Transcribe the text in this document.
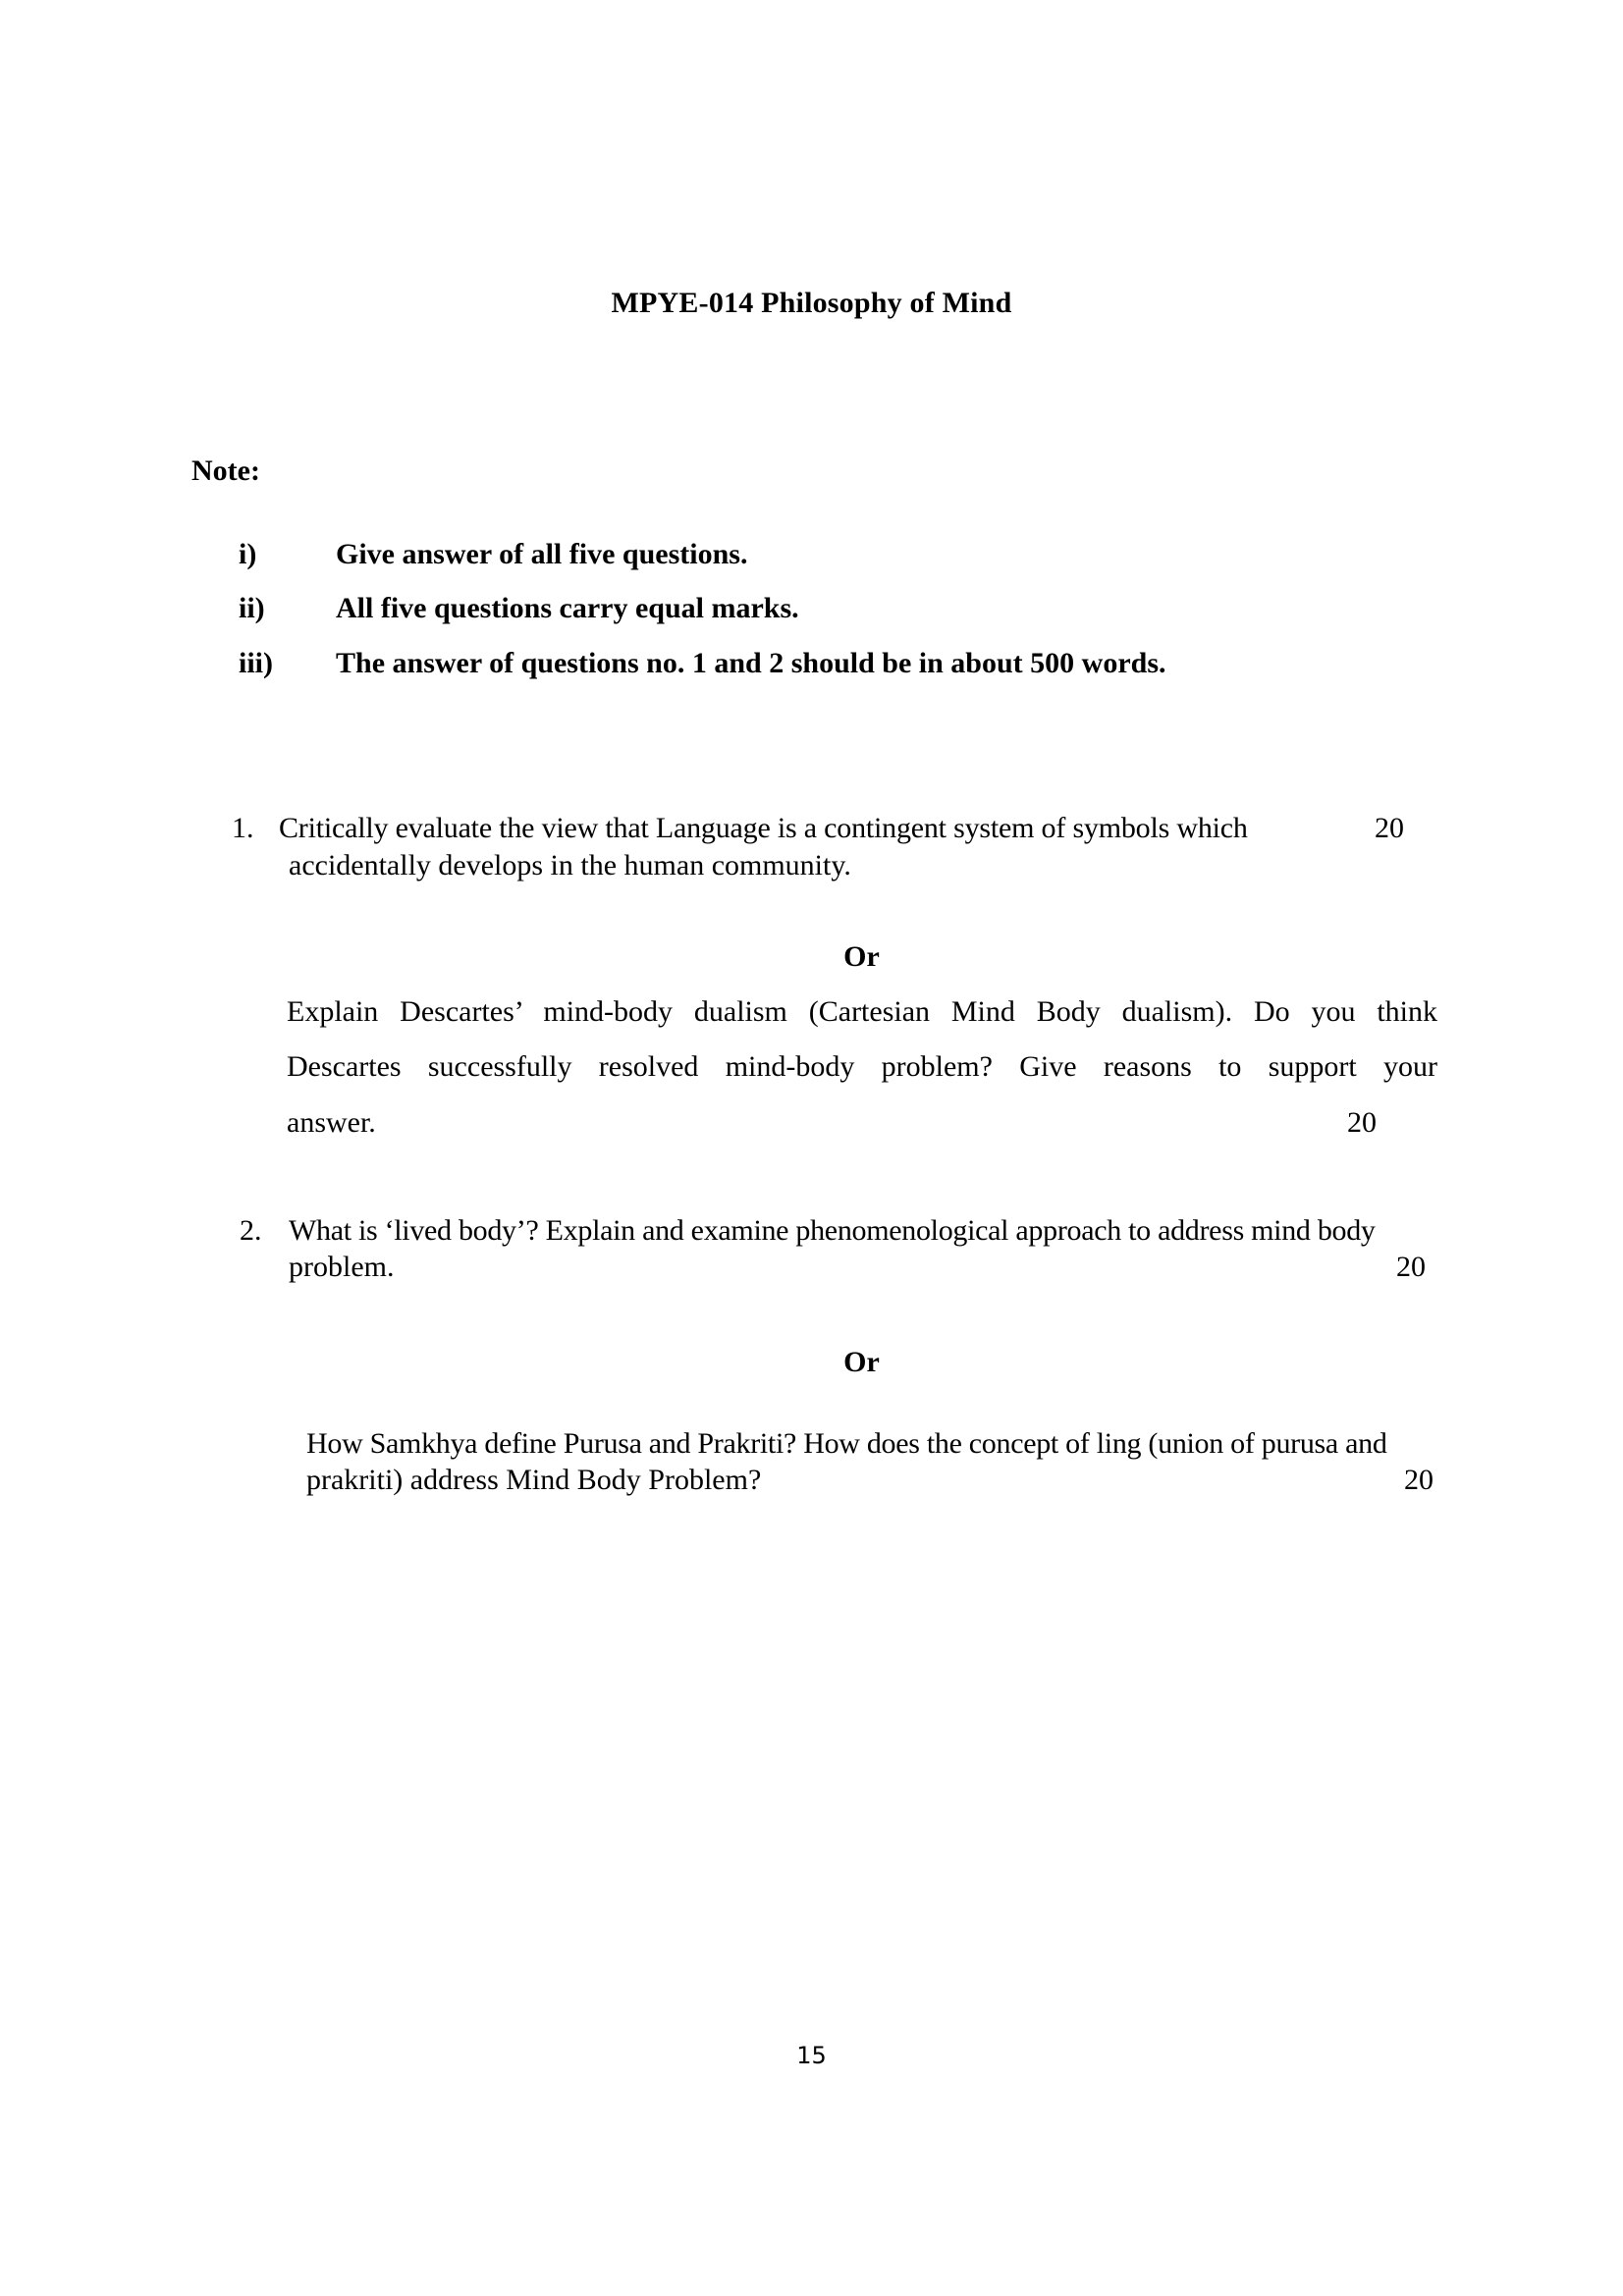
MPYE-014 Philosophy of Mind
Note:
i)	Give answer of all five questions.
ii) All five questions carry equal marks.
iii) The answer of questions no. 1 and 2 should be in about 500 words.
1. Critically evaluate the view that Language is a contingent system of symbols which
accidentally develops in the human community.
20
Or
Explain Descartes’ mind-body dualism (Cartesian Mind Body dualism). Do you think
Descartes successfully resolved mind-body problem? Give reasons to support your
answer.	20
2. What is ‘lived body’? Explain and examine phenomenological approach to address mind body
problem.	20
Or
How Samkhya define Purusa and Prakriti? How does the concept of ling (union of purusa and
prakriti) address Mind Body Problem?	20
15
